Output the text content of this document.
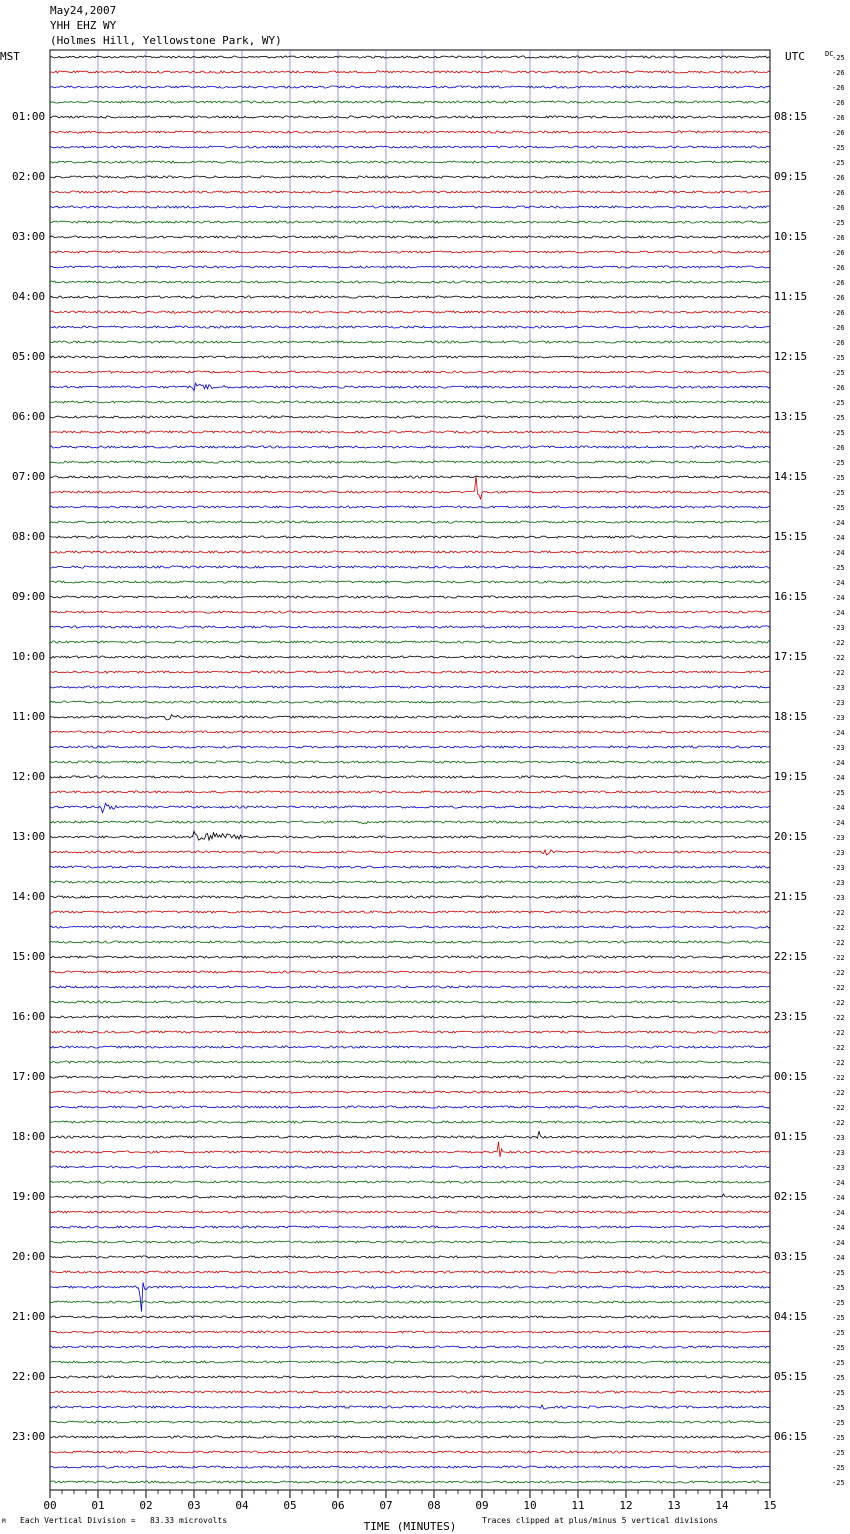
May24,2007
YHH EHZ WY
(Holmes Hill, Yellowstone Park, WY)
MST	UTC	DC
01:00	08:15
02:00	09:15
03:00	10:15
04:00	11:15
05:00	12:15
06:00	13:15
07:00	14:15
08:00	15:15
09:00	16:15
10:00	17:15
11:00	18:15
12:00	19:15
13:00	20:15
14:00	21:15
15:00	22:15
16:00	23:15
17:00	00:15
18:00	01:15
19:00	02:15
20:00	03:15
21:00	04:15
22:00	05:15
23:00	06:15
-25
-26
-26
-26
-26
-26
-25
-25
-26
-26
-26
-25
-26
-26
-26
-26
-26
-26
-26
-26
-25
-25
-26
-25
-25
-25
-26
-25
-25
-25
-25
-24
-24
-24
-25
-24
-24
-24
-23
-22
-22
-22
-23
-23
-23
-24
-23
-24
-24
-25
-24
-24
-23
-23
-23
-23
-23
-22
-22
-22
-22
-22
-22
-22
-22
-22
-22
-22
-22
-22
-22
-22
-23
-23
-23
-24
-24
-24
-24
-24
-24
-25
-25
-25
-25
-25
-25
-25
-25
-25
-25
-25
-25
-25
-25
-25
00	01	02	03	04	05	06	07	08	09	10	11	12	13	14	15
TIME (MINUTES)
M Each Vertical Division =   83.33 microvolts	Traces clipped at plus/minus 5 vertical divisions
